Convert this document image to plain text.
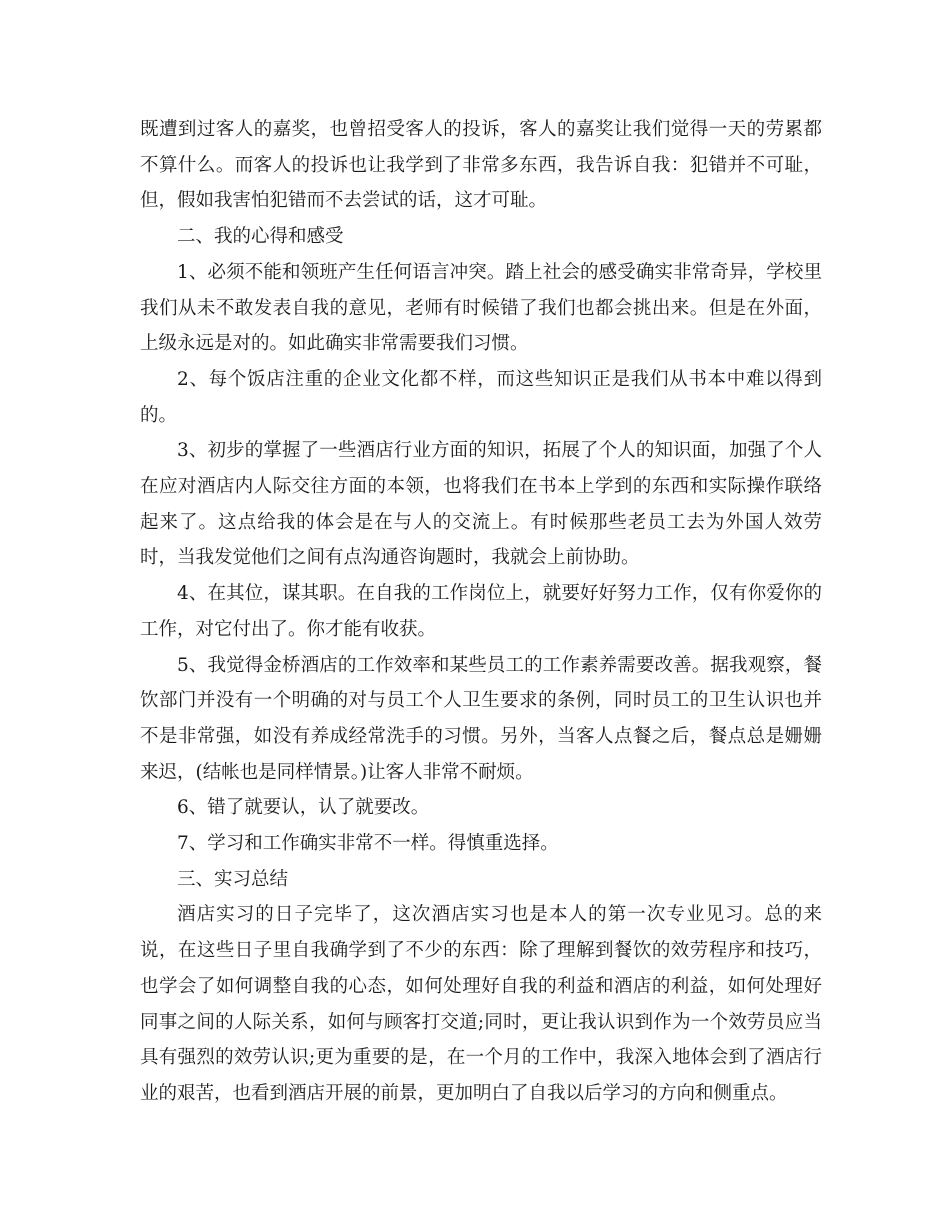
既遭到过客人的嘉奖，也曾招受客人的投诉，客人的嘉奖让我们觉得一天的劳累都不算什么。而客人的投诉也让我学到了非常多东西，我告诉自我：犯错并不可耻，但，假如我害怕犯错而不去尝试的话，这才可耻。

二、我的心得和感受

1、必须不能和领班产生任何语言冲突。踏上社会的感受确实非常奇异，学校里我们从未不敢发表自我的意见，老师有时候错了我们也都会挑出来。但是在外面，上级永远是对的。如此确实非常需要我们习惯。

2、每个饭店注重的企业文化都不样，而这些知识正是我们从书本中难以得到的。

3、初步的掌握了一些酒店行业方面的知识，拓展了个人的知识面，加强了个人在应对酒店内人际交往方面的本领，也将我们在书本上学到的东西和实际操作联络起来了。这点给我的体会是在与人的交流上。有时候那些老员工去为外国人效劳时，当我发觉他们之间有点沟通咨询题时，我就会上前协助。

4、在其位，谋其职。在自我的工作岗位上，就要好好努力工作，仅有你爱你的工作，对它付出了。你才能有收获。

5、我觉得金桥酒店的工作效率和某些员工的工作素养需要改善。据我观察，餐饮部门并没有一个明确的对与员工个人卫生要求的条例，同时员工的卫生认识也并不是非常强，如没有养成经常洗手的习惯。另外，当客人点餐之后，餐点总是姗姗来迟，(结帐也是同样情景。)让客人非常不耐烦。

6、错了就要认，认了就要改。

7、学习和工作确实非常不一样。得慎重选择。

三、实习总结

酒店实习的日子完毕了，这次酒店实习也是本人的第一次专业见习。总的来说，在这些日子里自我确学到了不少的东西：除了理解到餐饮的效劳程序和技巧，也学会了如何调整自我的心态，如何处理好自我的利益和酒店的利益，如何处理好同事之间的人际关系，如何与顾客打交道;同时，更让我认识到作为一个效劳员应当具有强烈的效劳认识;更为重要的是，在一个月的工作中，我深入地体会到了酒店行业的艰苦，也看到酒店开展的前景，更加明白了自我以后学习的方向和侧重点。
